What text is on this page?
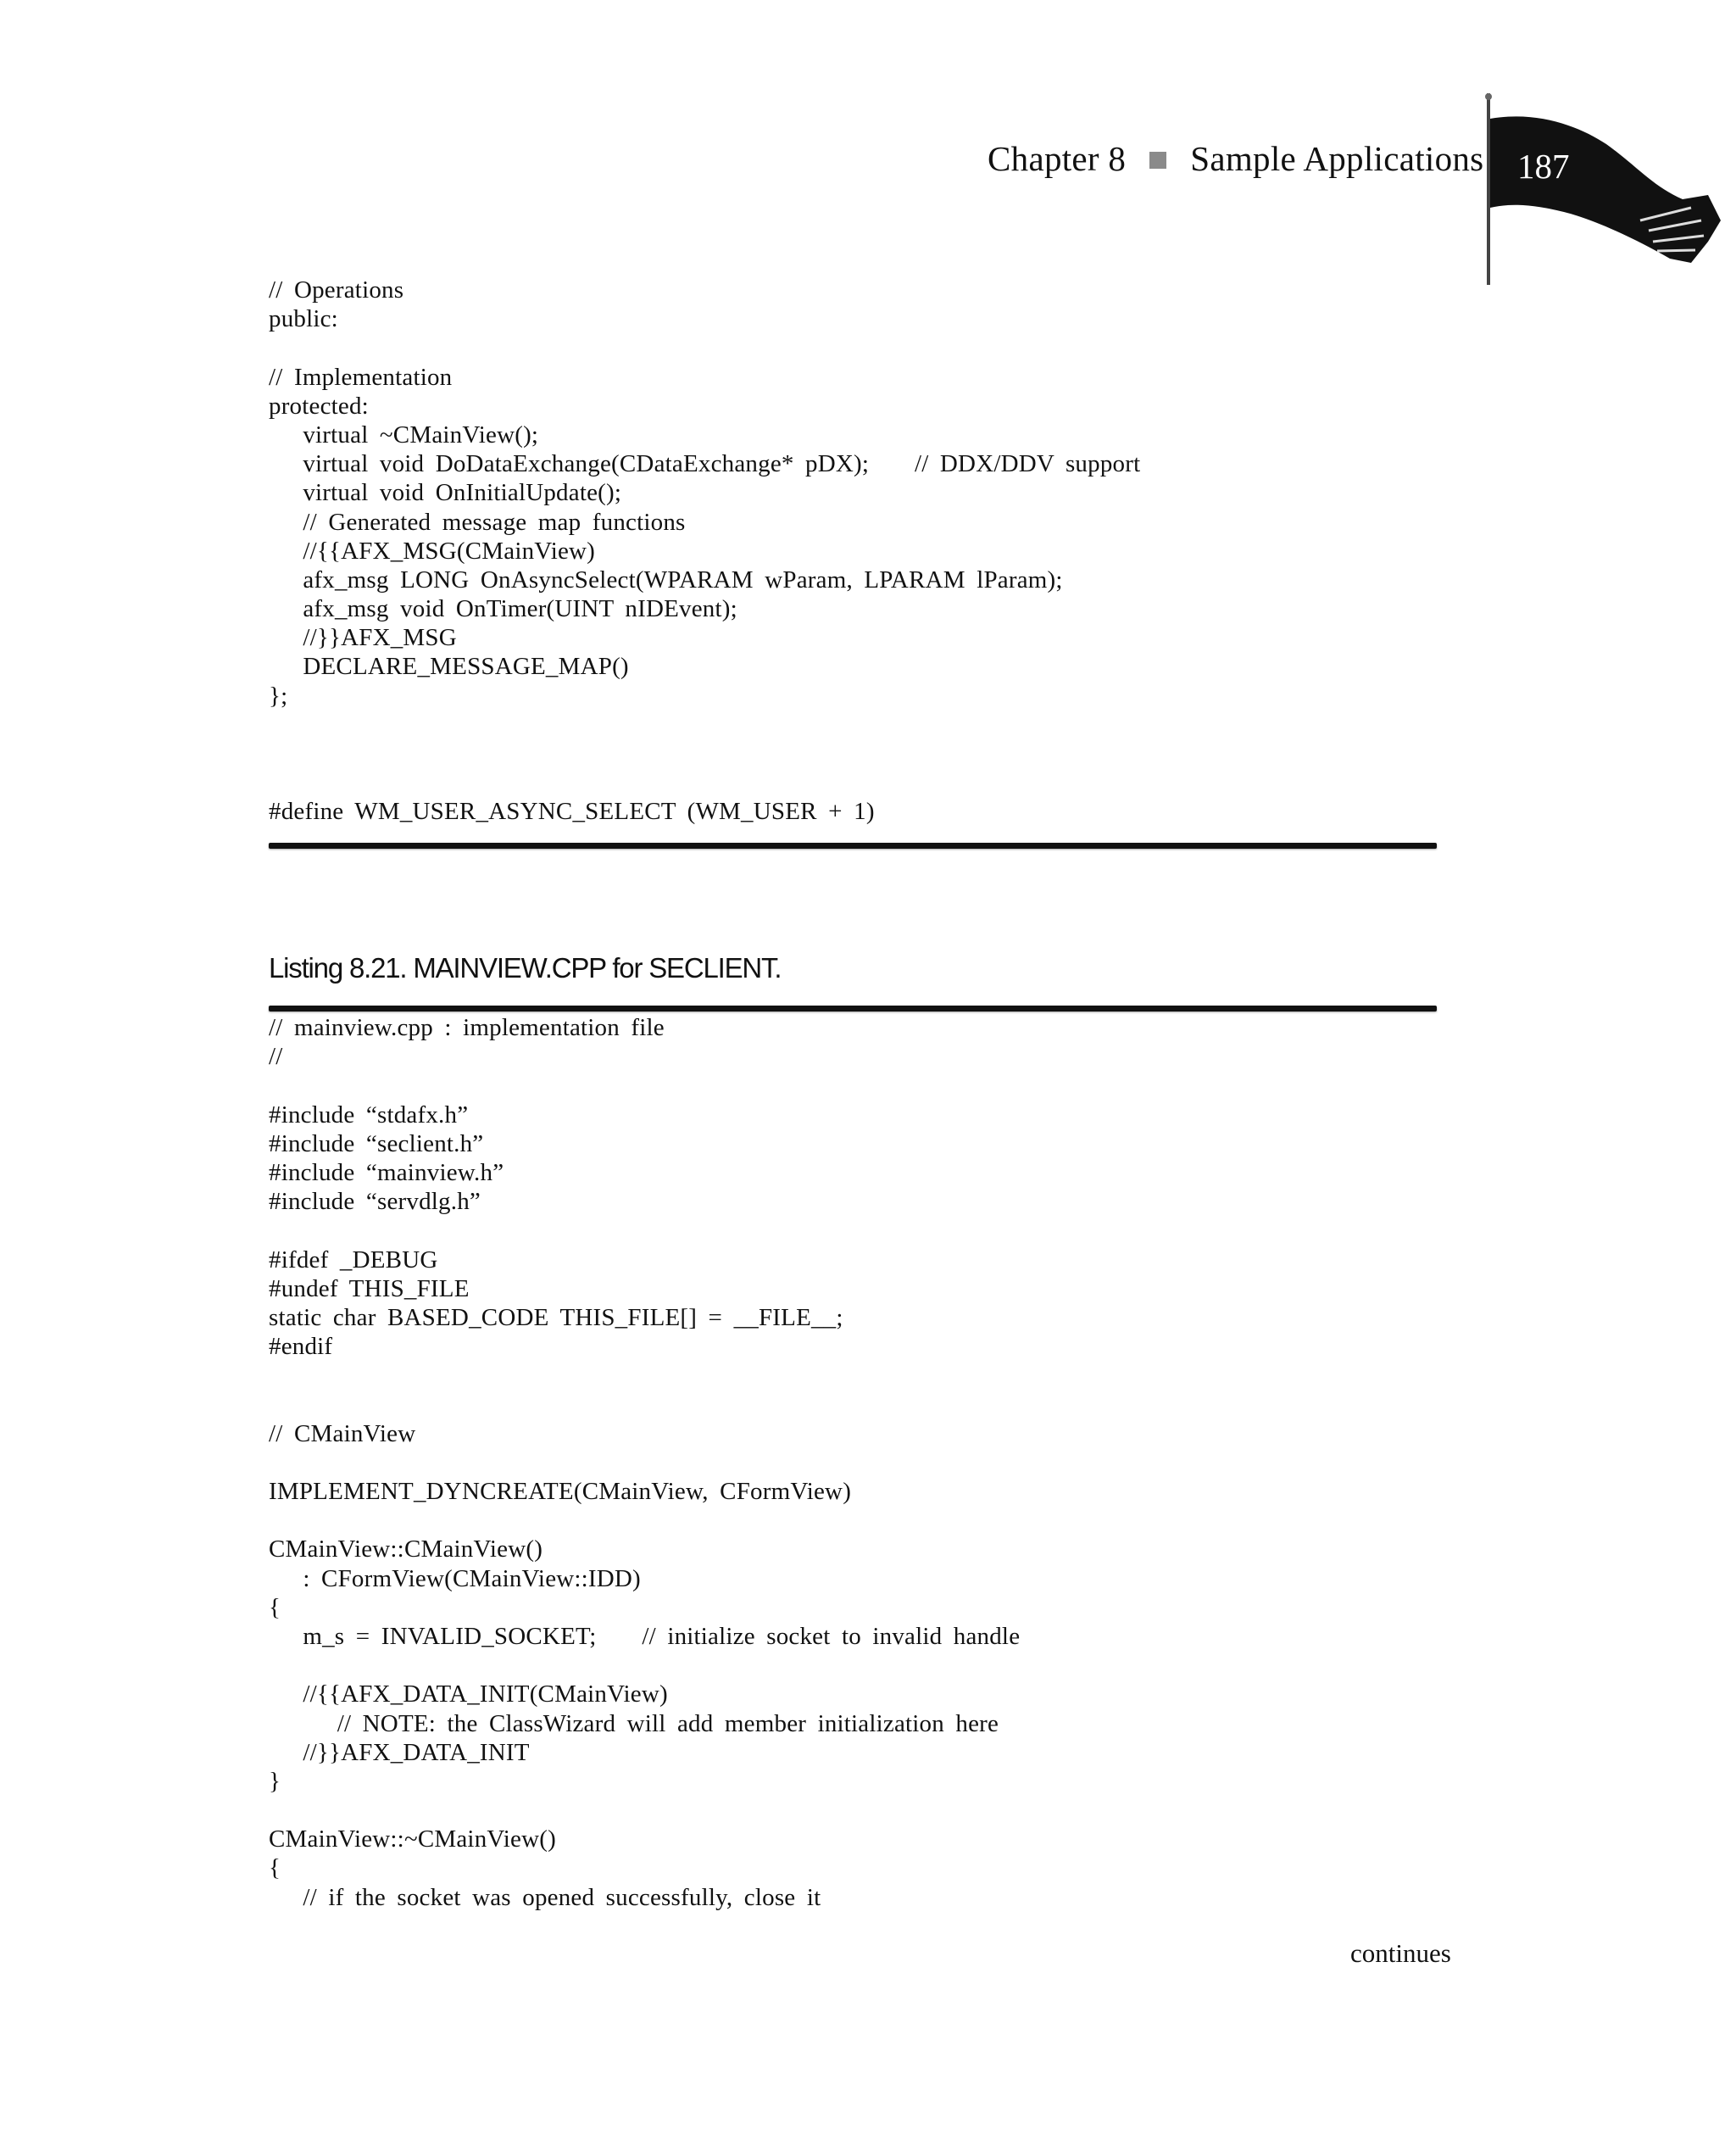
Chapter 8 Sample Applications 187
// Operations
public:
// Implementation
protected:
virtual ~CMainView();
virtual void DoDataExchange(CDataExchange* pDX);    // DDX/DDV support
virtual void OnInitialUpdate();
// Generated message map functions
//{{AFX_MSG(CMainView)
afx_msg LONG OnAsyncSelect(WPARAM wParam, LPARAM lParam);
afx_msg void OnTimer(UINT nIDEvent);
//}}AFX_MSG
DECLARE_MESSAGE_MAP()
};
#define WM_USER_ASYNC_SELECT (WM_USER + 1)
Listing 8.21. MAINVIEW.CPP for SECLIENT.
// mainview.cpp : implementation file
//
#include “stdafx.h”
#include “seclient.h”
#include “mainview.h”
#include “servdlg.h”
#ifdef _DEBUG
#undef THIS_FILE
static char BASED_CODE THIS_FILE[] = __FILE__;
#endif
// CMainView
IMPLEMENT_DYNCREATE(CMainView, CFormView)
CMainView::CMainView()
: CFormView(CMainView::IDD)
{
m_s = INVALID_SOCKET;    // initialize socket to invalid handle
//{{AFX_DATA_INIT(CMainView)
// NOTE: the ClassWizard will add member initialization here
//}}AFX_DATA_INIT
}
CMainView::~CMainView()
{
// if the socket was opened successfully, close it
continues
